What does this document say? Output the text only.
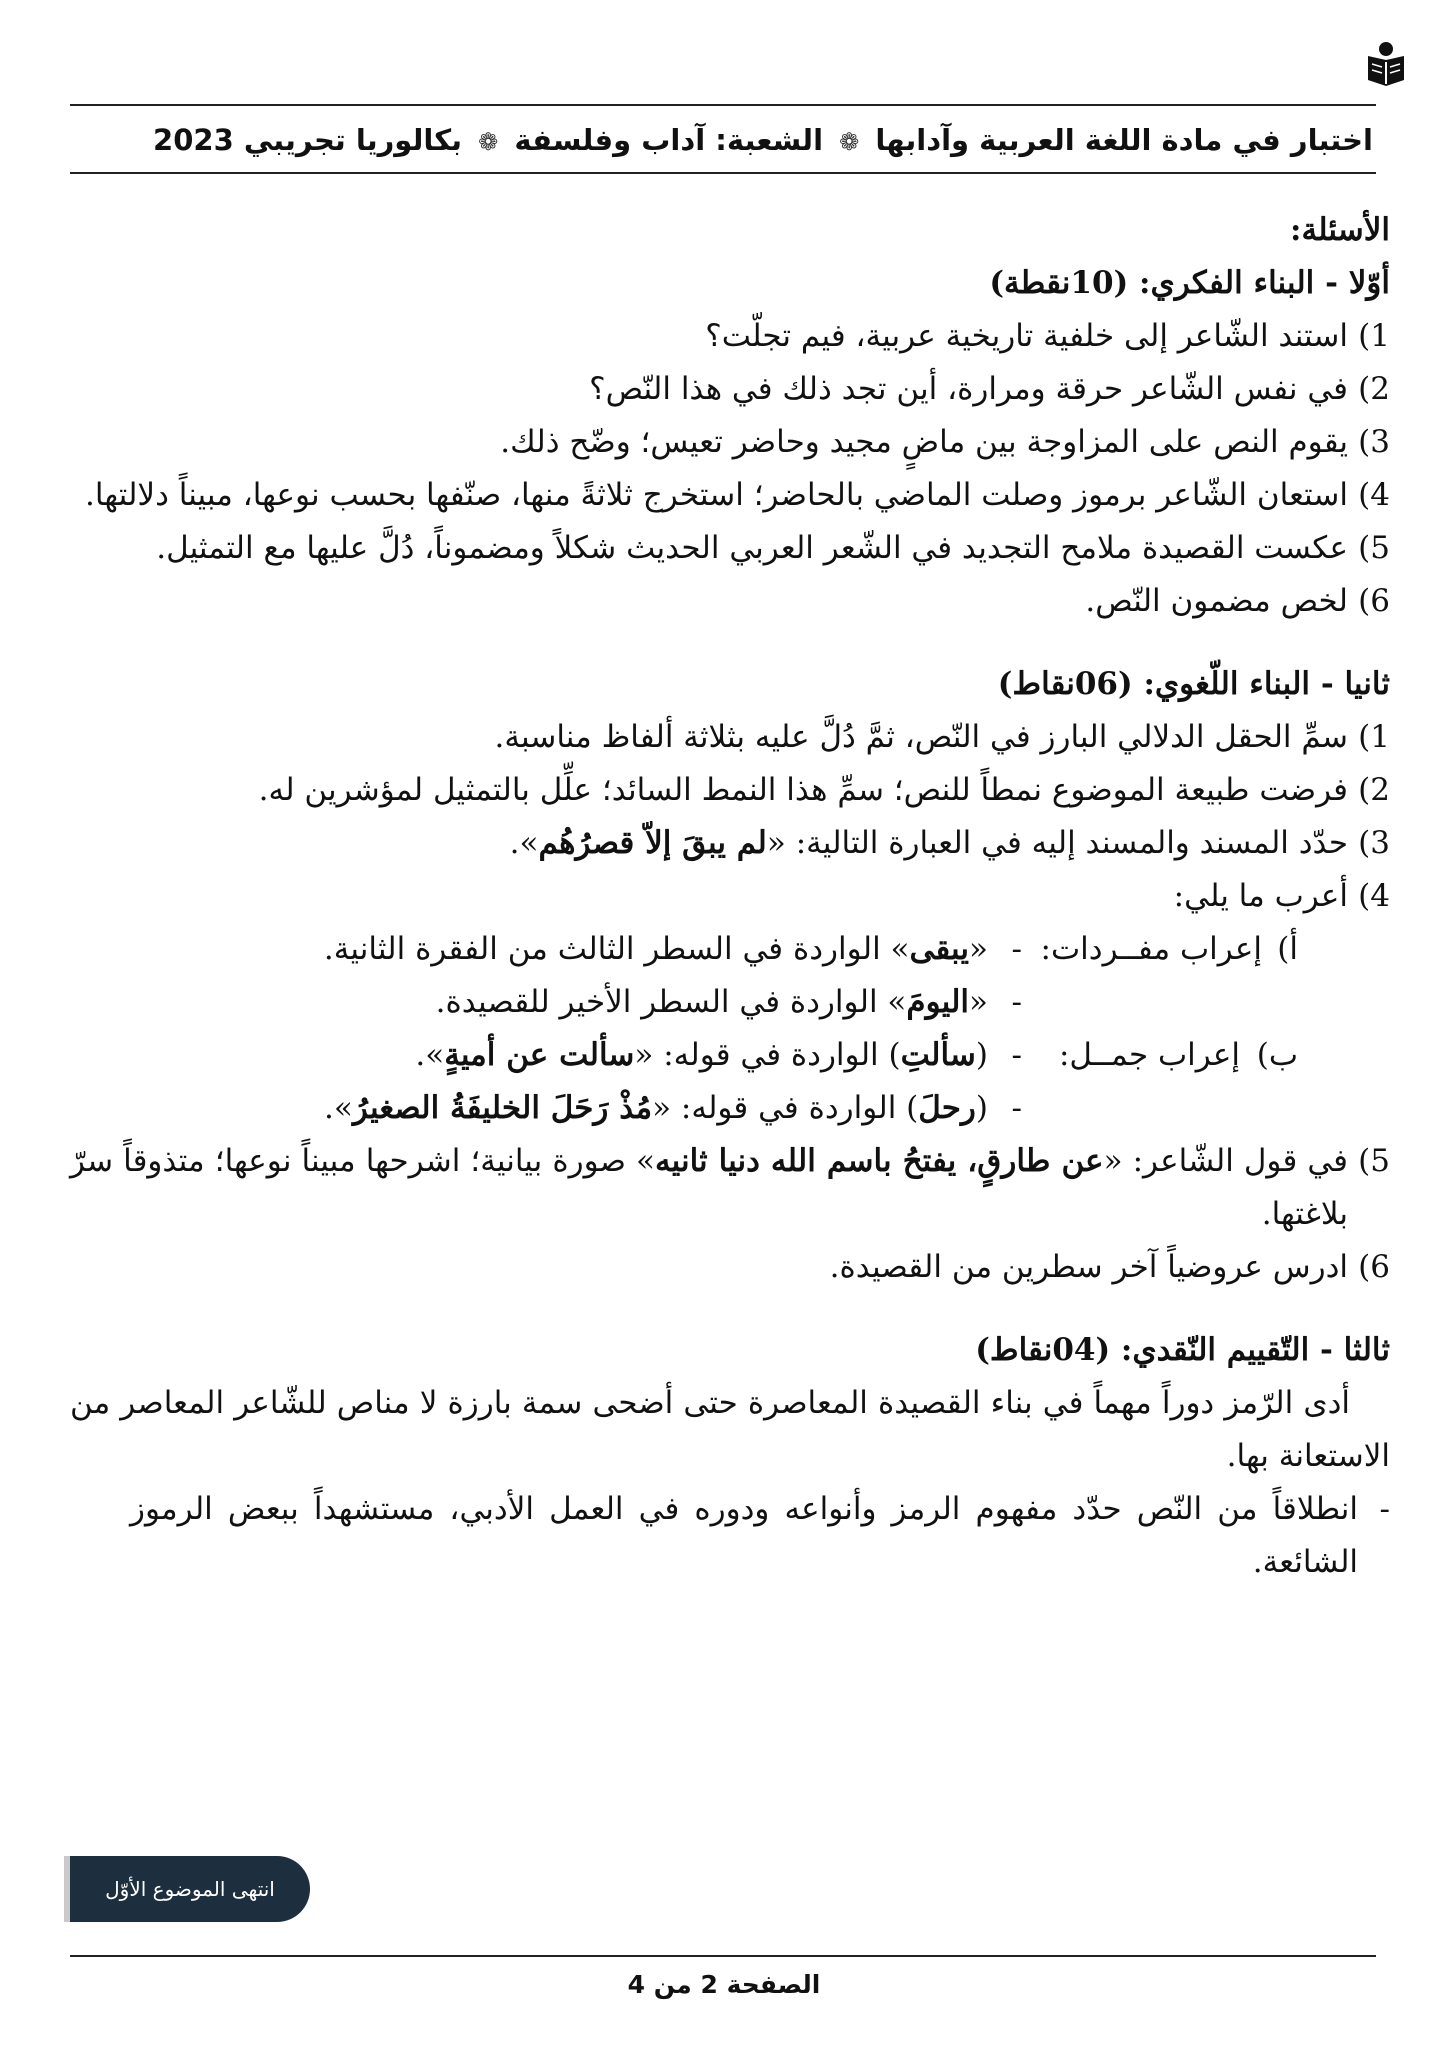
اختبار في مادة اللغة العربية وآدابها ❁ الشعبة: آداب وفلسفة ❁ بكالوريا تجريبي 2023
الأسئلة:
أوّلا - البناء الفكري: (10نقطة)
1)
استند الشّاعر إلى خلفية تاريخية عربية، فيم تجلّت؟
2)
في نفس الشّاعر حرقة ومرارة، أين تجد ذلك في هذا النّص؟
3)
يقوم النص على المزاوجة بين ماضٍ مجيد وحاضر تعيس؛ وضّح ذلك.
4)
استعان الشّاعر برموز وصلت الماضي بالحاضر؛ استخرج ثلاثةً منها، صنّفها بحسب نوعها، مبيناً دلالتها.
5)
عكست القصيدة ملامح التجديد في الشّعر العربي الحديث شكلاً ومضموناً، دُلَّ عليها مع التمثيل.
6)
لخص مضمون النّص.
ثانيا - البناء اللّغوي: (06نقاط)
1)
سمِّ الحقل الدلالي البارز في النّص، ثمَّ دُلَّ عليه بثلاثة ألفاظ مناسبة.
2)
فرضت طبيعة الموضوع نمطاً للنص؛ سمِّ هذا النمط السائد؛ علِّل بالتمثيل لمؤشرين له.
3)
حدّد المسند والمسند إليه في العبارة التالية: «لم يبقَ إلاّ قصرُهُم».
4)
أعرب ما يلي:
أ)
إعراب مفــردات:
-
«يبقى» الواردة في السطر الثالث من الفقرة الثانية.
-
«اليومَ» الواردة في السطر الأخير للقصيدة.
ب)
إعراب جمــل:
-
(سألتِ) الواردة في قوله: «سألت عن أميةٍ».
-
(رحلَ) الواردة في قوله: «مُذْ رَحَلَ الخليفَةُ الصغيرُ».
5)
في قول الشّاعر: «عن طارقٍ، يفتحُ باسم الله دنيا ثانيه» صورة بيانية؛ اشرحها مبيناً نوعها؛ متذوقاً سرّ بلاغتها.
6)
ادرس عروضياً آخر سطرين من القصيدة.
ثالثا - التّقييم النّقدي: (04نقاط)
أدى الرّمز دوراً مهماً في بناء القصيدة المعاصرة حتى أضحى سمة بارزة لا مناص للشّاعر المعاصر من الاستعانة بها.
-
انطلاقاً من النّص حدّد مفهوم الرمز وأنواعه ودوره في العمل الأدبي، مستشهداً ببعض الرموز الشائعة.
انتهى الموضوع الأوّل
الصفحة 2 من 4
